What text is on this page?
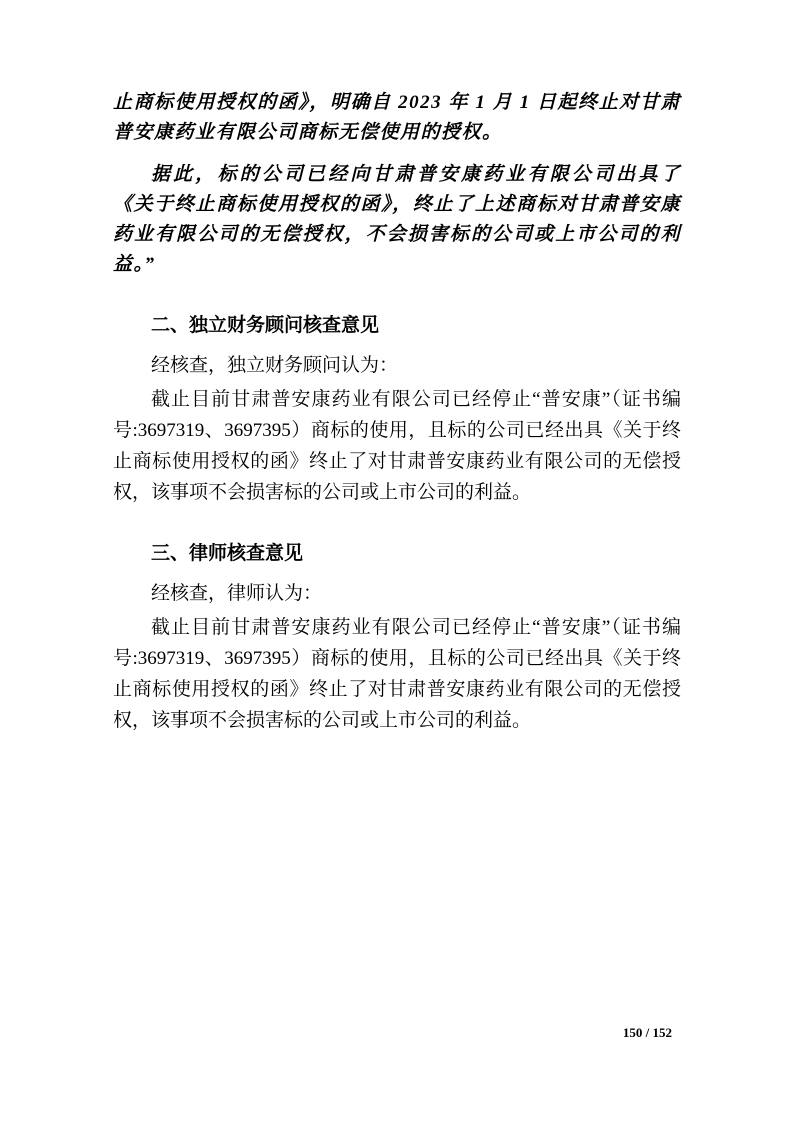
止商标使用授权的函》，明确自 2023 年 1 月 1 日起终止对甘肃普安康药业有限公司商标无偿使用的授权。

据此，标的公司已经向甘肃普安康药业有限公司出具了《关于终止商标使用授权的函》，终止了上述商标对甘肃普安康药业有限公司的无偿授权，不会损害标的公司或上市公司的利益。”

二、独立财务顾问核查意见

经核查，独立财务顾问认为：

截止目前甘肃普安康药业有限公司已经停止“普安康”（证书编号:3697319、3697395）商标的使用，且标的公司已经出具《关于终止商标使用授权的函》终止了对甘肃普安康药业有限公司的无偿授权，该事项不会损害标的公司或上市公司的利益。

三、律师核查意见

经核查，律师认为：

截止目前甘肃普安康药业有限公司已经停止“普安康”（证书编号:3697319、3697395）商标的使用，且标的公司已经出具《关于终止商标使用授权的函》终止了对甘肃普安康药业有限公司的无偿授权，该事项不会损害标的公司或上市公司的利益。

150 / 152
